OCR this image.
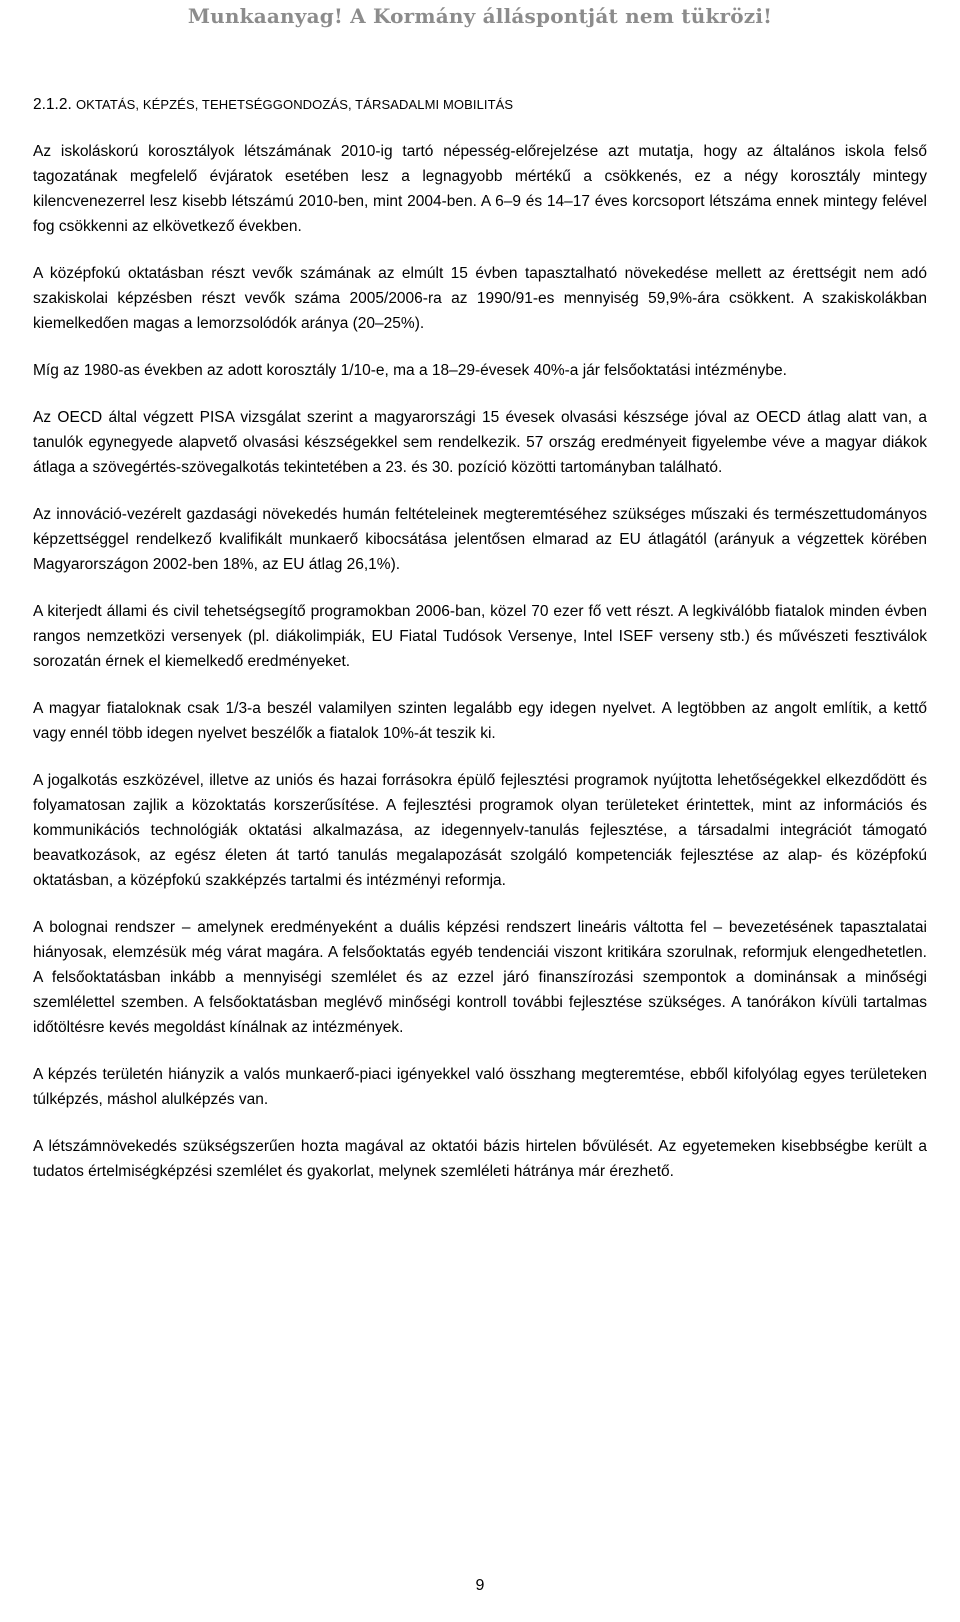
Munkaanyag! A Kormány álláspontját nem tükrözi!
2.1.2. OKTATÁS, KÉPZÉS, TEHETSÉGGONDOZÁS, TÁRSADALMI MOBILITÁS

Az iskoláskorú korosztályok létszámának 2010-ig tartó népesség-előrejelzése azt mutatja, hogy az általános iskola felső tagozatának megfelelő évjáratok esetében lesz a legnagyobb mértékű a csökkenés, ez a négy korosztály mintegy kilencvenezerrel lesz kisebb létszámú 2010-ben, mint 2004-ben. A 6–9 és 14–17 éves korcsoport létszáma ennek mintegy felével fog csökkenni az elkövetkező években.

A középfokú oktatásban részt vevők számának az elmúlt 15 évben tapasztalható növekedése mellett az érettségit nem adó szakiskolai képzésben részt vevők száma 2005/2006-ra az 1990/91-es mennyiség 59,9%-ára csökkent. A szakiskolákban kiemelkedően magas a lemorzsolódók aránya (20–25%).

Míg az 1980-as években az adott korosztály 1/10-e, ma a 18–29-évesek 40%-a jár felsőoktatási intézménybe.

Az OECD által végzett PISA vizsgálat szerint a magyarországi 15 évesek olvasási készsége jóval az OECD átlag alatt van, a tanulók egynegyede alapvető olvasási készségekkel sem rendelkezik. 57 ország eredményeit figyelembe véve a magyar diákok átlaga a szövegértés-szövegalkotás tekintetében a 23. és 30. pozíció közötti tartományban található.

Az innováció-vezérelt gazdasági növekedés humán feltételeinek megteremtéséhez szükséges műszaki és természettudományos képzettséggel rendelkező kvalifikált munkaerő kibocsátása jelentősen elmarad az EU átlagától (arányuk a végzettek körében Magyarországon 2002-ben 18%, az EU átlag 26,1%).

A kiterjedt állami és civil tehetségsegítő programokban 2006-ban, közel 70 ezer fő vett részt. A legkiválóbb fiatalok minden évben rangos nemzetközi versenyek (pl. diákolimpiák, EU Fiatal Tudósok Versenye, Intel ISEF verseny stb.) és művészeti fesztiválok sorozatán érnek el kiemelkedő eredményeket.

A magyar fiataloknak csak 1/3-a beszél valamilyen szinten legalább egy idegen nyelvet. A legtöbben az angolt említik, a kettő vagy ennél több idegen nyelvet beszélők a fiatalok 10%-át teszik ki.

A jogalkotás eszközével, illetve az uniós és hazai forrásokra épülő fejlesztési programok nyújtotta lehetőségekkel elkezdődött és folyamatosan zajlik a közoktatás korszerűsítése. A fejlesztési programok olyan területeket érintettek, mint az információs és kommunikációs technológiák oktatási alkalmazása, az idegennyelv-tanulás fejlesztése, a társadalmi integrációt támogató beavatkozások, az egész életen át tartó tanulás megalapozását szolgáló kompetenciák fejlesztése az alap- és középfokú oktatásban, a középfokú szakképzés tartalmi és intézményi reformja.

A bolognai rendszer – amelynek eredményeként a duális képzési rendszert lineáris váltotta fel – bevezetésének tapasztalatai hiányosak, elemzésük még várat magára. A felsőoktatás egyéb tendenciái viszont kritikára szorulnak, reformjuk elengedhetetlen. A felsőoktatásban inkább a mennyiségi szemlélet és az ezzel járó finanszírozási szempontok a dominánsak a minőségi szemlélettel szemben. A felsőoktatásban meglévő minőségi kontroll további fejlesztése szükséges. A tanórákon kívüli tartalmas időtöltésre kevés megoldást kínálnak az intézmények.

A képzés területén hiányzik a valós munkaerő-piaci igényekkel való összhang megteremtése, ebből kifolyólag egyes területeken túlképzés, máshol alulképzés van.

A létszámnövekedés szükségszerűen hozta magával az oktatói bázis hirtelen bővülését. Az egyetemeken kisebbségbe került a tudatos értelmiségképzési szemlélet és gyakorlat, melynek szemléleti hátránya már érezhető.

9
